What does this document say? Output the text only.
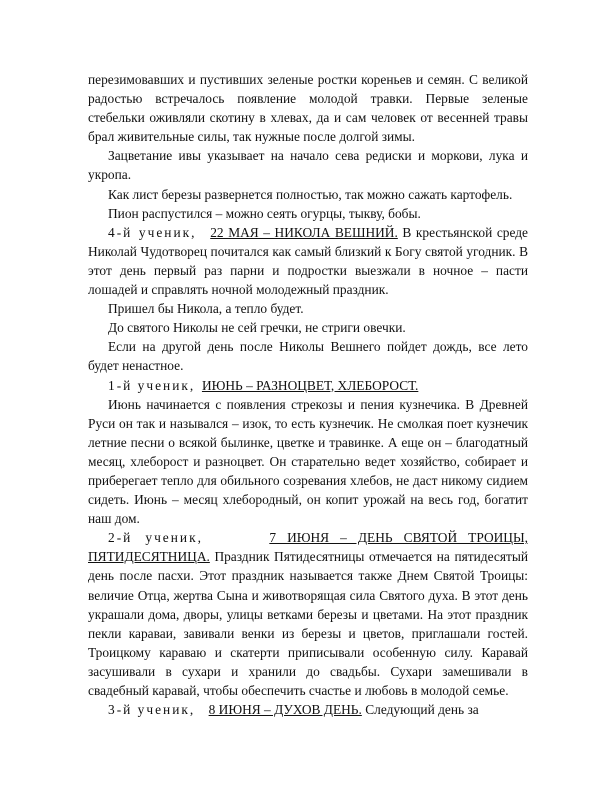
перезимовавших и пустивших зеленые ростки кореньев и семян. С великой радостью встречалось появление молодой травки. Первые зеленые стебельки оживляли скотину в хлевах, да и сам человек от весенней травы брал живительные силы, так нужные после долгой зимы.

Зацветание ивы указывает на начало сева редиски и моркови, лука и укропа.

Как лист березы развернется полностью, так можно сажать картофель.

Пион распустился – можно сеять огурцы, тыкву, бобы.

4-й ученик, 22 МАЯ – НИКОЛА ВЕШНИЙ. В крестьянской среде Николай Чудотворец почитался как самый близкий к Богу святой угодник. В этот день первый раз парни и подростки выезжали в ночное – пасти лошадей и справлять ночной молодежный праздник.

Пришел бы Никола, а тепло будет.

До святого Николы не сей гречки, не стриги овечки.

Если на другой день после Николы Вешнего пойдет дождь, все лето будет ненастное.

1-й ученик, ИЮНЬ – РАЗНОЦВЕТ, ХЛЕБОРОСТ.

Июнь начинается с появления стрекозы и пения кузнечика. В Древней Руси он так и назывался – изок, то есть кузнечик. Не смолкая поет кузнечик летние песни о всякой былинке, цветке и травинке. А еще он – благодатный месяц, хлебороcт и разноцвет. Он старательно ведет хозяйство, собирает и приберегает тепло для обильного созревания хлебов, не даст никому сидием сидеть. Июнь – месяц хлебородный, он копит урожай на весь год, богатит наш дом.

2-й ученик,	7 ИЮНЯ – ДЕНЬ СВЯТОЙ ТРОИЦЫ, ПЯТИДЕСЯТНИЦА. Праздник Пятидесятницы отмечается на пятидесятый день после пасхи. Этот праздник называется также Днем Святой Троицы: величие Отца, жертва Сына и животворящая сила Святого духа. В этот день украшали дома, дворы, улицы ветками березы и цветами. На этот праздник пекли караваи, завивали венки из березы и цветов, приглашали гостей. Троицкому караваю и скатерти приписывали особенную силу. Каравай засушивали в сухари и хранили до свадьбы. Сухари замешивали в свадебный каравай, чтобы обеспечить счастье и любовь в молодой семье.

3-й ученик, 8 ИЮНЯ – ДУХОВ ДЕНЬ. Следующий день за
